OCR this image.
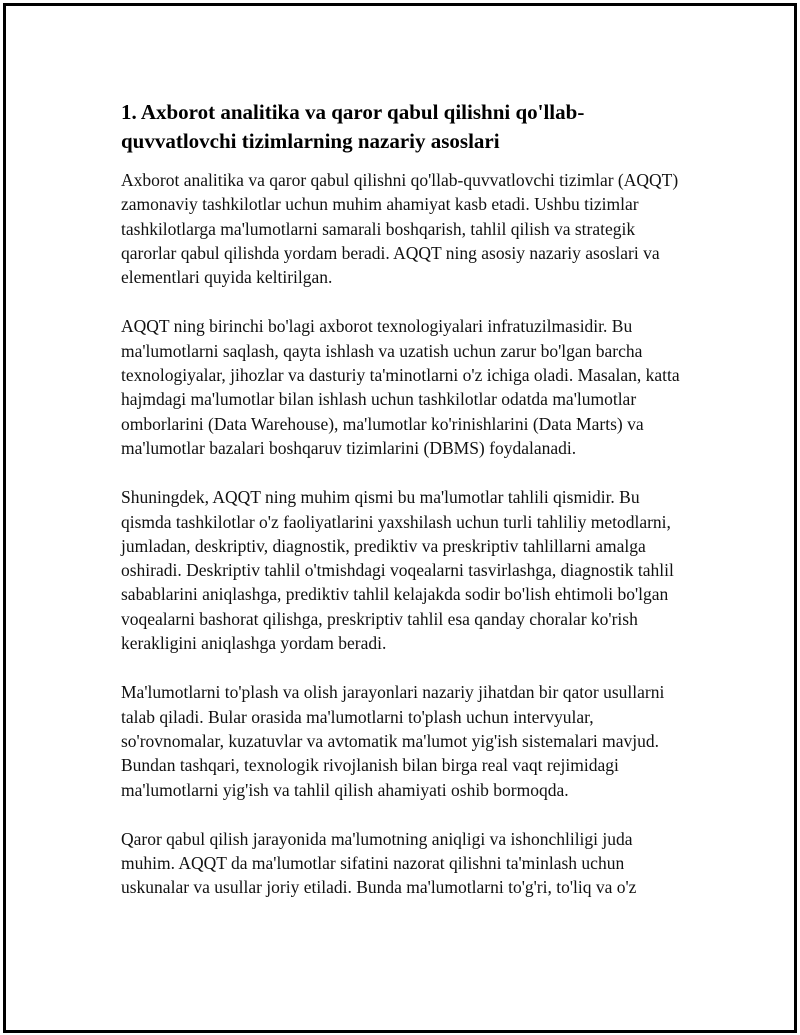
1. Axborot analitika va qaror qabul qilishni qo'llab-quvvatlovchi tizimlarning nazariy asoslari

Axborot analitika va qaror qabul qilishni qo'llab-quvvatlovchi tizimlar (AQQT) zamonaviy tashkilotlar uchun muhim ahamiyat kasb etadi. Ushbu tizimlar tashkilotlarga ma'lumotlarni samarali boshqarish, tahlil qilish va strategik qarorlar qabul qilishda yordam beradi. AQQT ning asosiy nazariy asoslari va elementlari quyida keltirilgan.

AQQT ning birinchi bo'lagi axborot texnologiyalari infratuzilmasidir. Bu ma'lumotlarni saqlash, qayta ishlash va uzatish uchun zarur bo'lgan barcha texnologiyalar, jihozlar va dasturiy ta'minotlarni o'z ichiga oladi. Masalan, katta hajmdagi ma'lumotlar bilan ishlash uchun tashkilotlar odatda ma'lumotlar omborlarini (Data Warehouse), ma'lumotlar ko'rinishlarini (Data Marts) va ma'lumotlar bazalari boshqaruv tizimlarini (DBMS) foydalanadi.

Shuningdek, AQQT ning muhim qismi bu ma'lumotlar tahlili qismidir. Bu qismda tashkilotlar o'z faoliyatlarini yaxshilash uchun turli tahliliy metodlarni, jumladan, deskriptiv, diagnostik, prediktiv va preskriptiv tahlillarni amalga oshiradi. Deskriptiv tahlil o'tmishdagi voqealarni tasvirlashga, diagnostik tahlil sabablarini aniqlashga, prediktiv tahlil kelajakda sodir bo'lish ehtimoli bo'lgan voqealarni bashorat qilishga, preskriptiv tahlil esa qanday choralar ko'rish kerakligini aniqlashga yordam beradi.

Ma'lumotlarni to'plash va olish jarayonlari nazariy jihatdan bir qator usullarni talab qiladi. Bular orasida ma'lumotlarni to'plash uchun intervyular, so'rovnomalar, kuzatuvlar va avtomatik ma'lumot yig'ish sistemalari mavjud. Bundan tashqari, texnologik rivojlanish bilan birga real vaqt rejimidagi ma'lumotlarni yig'ish va tahlil qilish ahamiyati oshib bormoqda.

Qaror qabul qilish jarayonida ma'lumotning aniqligi va ishonchliligi juda muhim. AQQT da ma'lumotlar sifatini nazorat qilishni ta'minlash uchun uskunalar va usullar joriy etiladi. Bunda ma'lumotlarni to'g'ri, to'liq va o'z
